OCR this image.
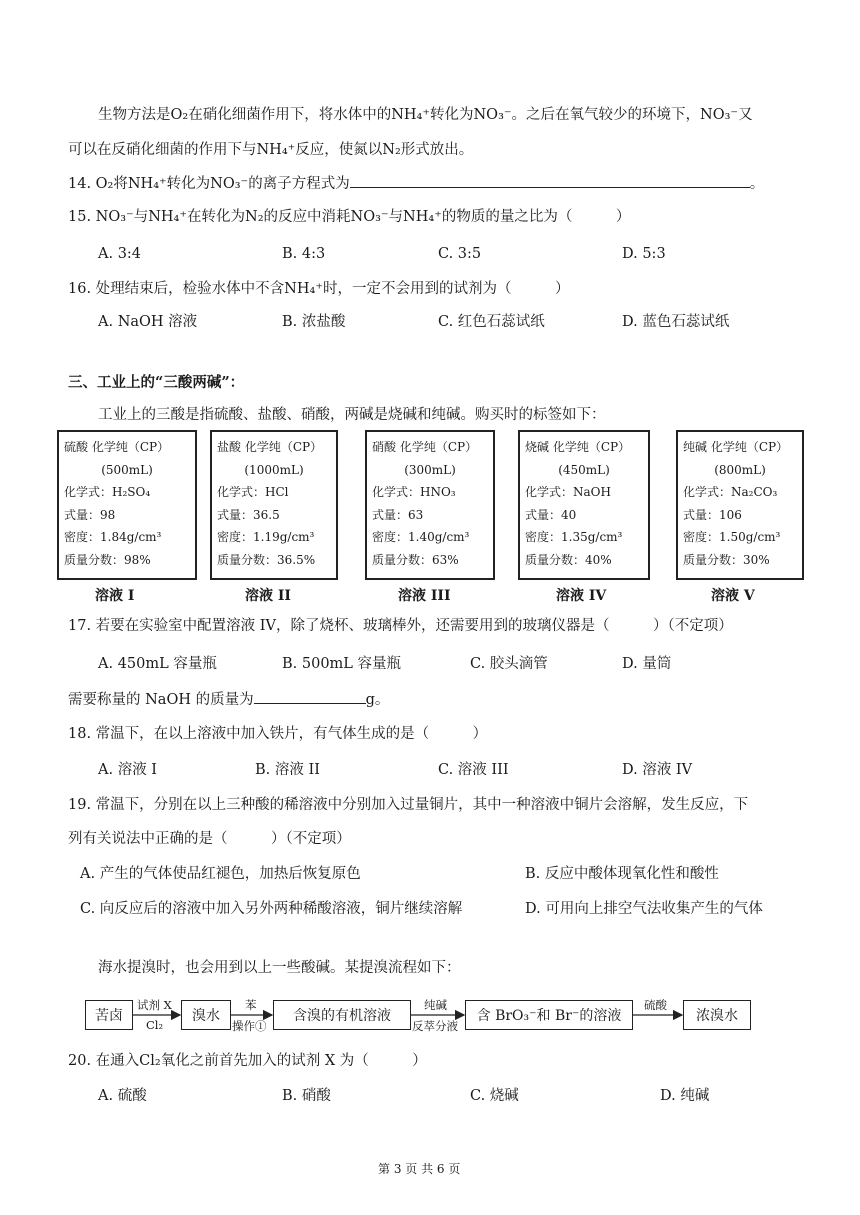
生物方法是O₂在硝化细菌作用下，将水体中的NH₄⁺转化为NO₃⁻。之后在氧气较少的环境下，NO₃⁻又
可以在反硝化细菌的作用下与NH₄⁺反应，使氮以N₂形式放出。
14. O₂将NH₄⁺转化为NO₃⁻的离子方程式为	。
15. NO₃⁻与NH₄⁺在转化为N₂的反应中消耗NO₃⁻与NH₄⁺的物质的量之比为（　　　）
A. 3:4	B. 4:3	C. 3:5	D. 5:3
16. 处理结束后，检验水体中不含NH₄⁺时，一定不会用到的试剂为（　　　）
A. NaOH 溶液	B. 浓盐酸	C. 红色石蕊试纸	D. 蓝色石蕊试纸
三、工业上的“三酸两碱”：
工业上的三酸是指硫酸、盐酸、硝酸，两碱是烧碱和纯碱。购买时的标签如下：
硫酸 化学纯（CP）
(500mL)
化学式：H₂SO₄
式量：98
密度：1.84g/cm³
质量分数：98%
盐酸 化学纯（CP）
(1000mL)
化学式：HCl
式量：36.5
密度：1.19g/cm³
质量分数：36.5%
硝酸 化学纯（CP）
(300mL)
化学式：HNO₃
式量：63
密度：1.40g/cm³
质量分数：63%
烧碱 化学纯（CP）
(450mL)
化学式：NaOH
式量：40
密度：1.35g/cm³
质量分数：40%
纯碱 化学纯（CP）
(800mL)
化学式：Na₂CO₃
式量：106
密度：1.50g/cm³
质量分数：30%
溶液 I	溶液 II	溶液 III	溶液 IV	溶液 V
17. 若要在实验室中配置溶液 IV，除了烧杯、玻璃棒外，还需要用到的玻璃仪器是（　　　）（不定项）
A. 450mL 容量瓶	B. 500mL 容量瓶	C. 胶头滴管	D. 量筒
需要称量的 NaOH 的质量为	g。
18. 常温下，在以上溶液中加入铁片，有气体生成的是（　　　）
A. 溶液 I	B. 溶液 II	C. 溶液 III	D. 溶液 IV
19. 常温下，分别在以上三种酸的稀溶液中分别加入过量铜片，其中一种溶液中铜片会溶解，发生反应，下
列有关说法中正确的是（　　　）（不定项）
A. 产生的气体使品红褪色，加热后恢复原色	B. 反应中酸体现氧化性和酸性
C. 向反应后的溶液中加入另外两种稀酸溶液，铜片继续溶解	D. 可用向上排空气法收集产生的气体
海水提溴时，也会用到以上一些酸碱。某提溴流程如下：
苦卤	溴水	含溴的有机溶液	含 BrO₃⁻和 Br⁻的溶液	浓溴水
试剂 X
Cl₂
苯
操作①
纯碱
反萃分液
硫酸
20. 在通入Cl₂氧化之前首先加入的试剂 X 为（　　　）
A. 硫酸	B. 硝酸	C. 烧碱	D. 纯碱
第 3 页 共 6 页
